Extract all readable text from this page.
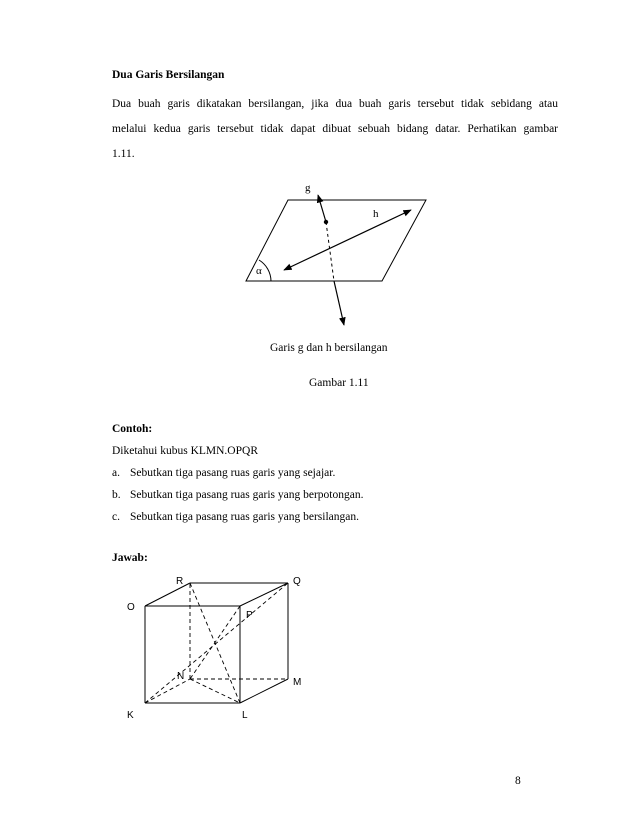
Dua Garis Bersilangan
Dua buah garis dikatakan bersilangan, jika dua buah garis tersebut tidak sebidang atau
melalui kedua garis tersebut tidak dapat dibuat sebuah bidang datar. Perhatikan gambar
1.11.
g
h
α
Garis g dan h bersilangan
Gambar 1.11
Contoh:
Diketahui kubus KLMN.OPQR
a. Sebutkan tiga pasang ruas garis yang sejajar.
b. Sebutkan tiga pasang ruas garis yang berpotongan.
c. Sebutkan tiga pasang ruas garis yang bersilangan.
Jawab:
K	L
M
N
O
P
Q
R
8
